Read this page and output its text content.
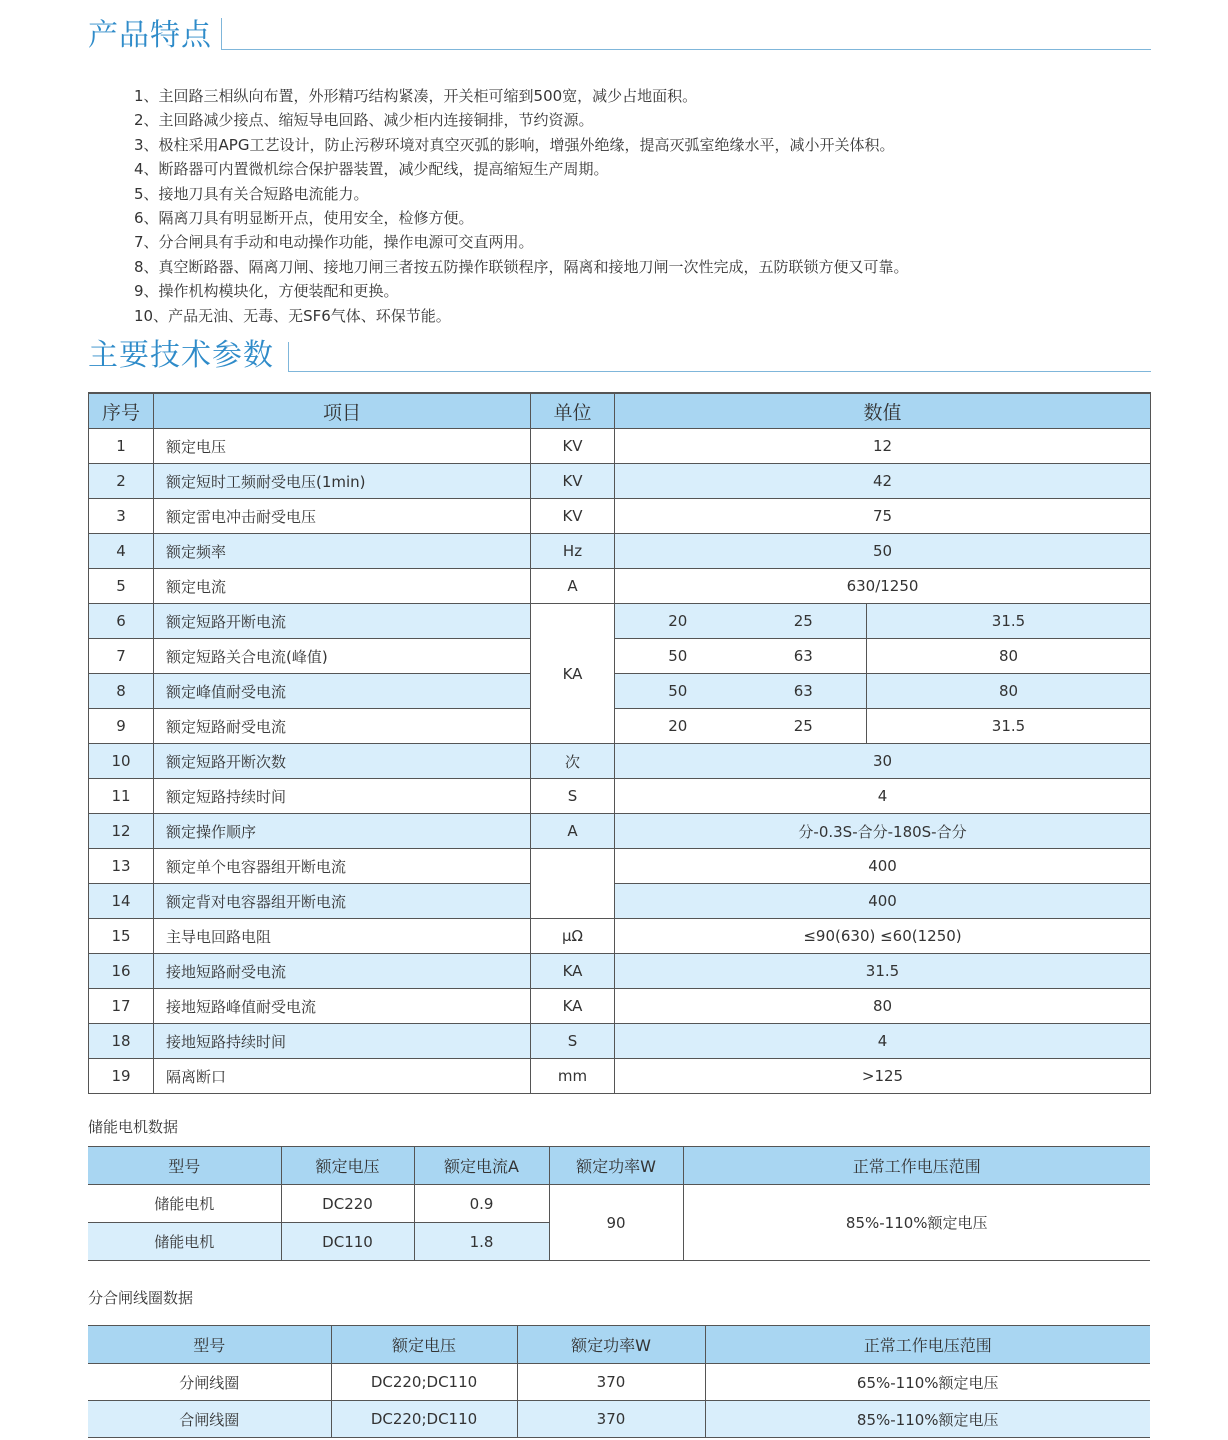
产品特点
1、主回路三相纵向布置，外形精巧结构紧凑，开关柜可缩到500宽，减少占地面积。
2、主回路减少接点、缩短导电回路、减少柜内连接铜排，节约资源。
3、极柱采用APG工艺设计，防止污秽环境对真空灭弧的影响，增强外绝缘，提高灭弧室绝缘水平，减小开关体积。
4、断路器可内置微机综合保护器装置，减少配线，提高缩短生产周期。
5、接地刀具有关合短路电流能力。
6、隔离刀具有明显断开点，使用安全，检修方便。
7、分合闸具有手动和电动操作功能，操作电源可交直两用。
8、真空断路器、隔离刀闸、接地刀闸三者按五防操作联锁程序，隔离和接地刀闸一次性完成，五防联锁方便又可靠。
9、操作机构模块化，方便装配和更换。
10、产品无油、无毒、无SF6气体、环保节能。
主要技术参数
序号	项目	单位	数值		
1	额定电压	KV	12		
2	额定短时工频耐受电压(1min)	KV	42		
3	额定雷电冲击耐受电压	KV	75		
4	额定频率	Hz	50		
5	额定电流	A	630/1250		
6	额定短路开断电流	KA	20	25	31.5
7	额定短路关合电流(峰值)		50	63	80
8	额定峰值耐受电流		50	63	80
9	额定短路耐受电流		20	25	31.5
10	额定短路开断次数	次	30		
11	额定短路持续时间	S	4		
12	额定操作顺序	A	分-0.3S-合分-180S-合分		
13	额定单个电容器组开断电流		400		
14	额定背对电容器组开断电流		400		
15	主导电回路电阻	μΩ	≤90(630) ≤60(1250)		
16	接地短路耐受电流	KA	31.5		
17	接地短路峰值耐受电流	KA	80		
18	接地短路持续时间	S	4		
19	隔离断口	mm	>125		
储能电机数据
型号	额定电压	额定电流A	额定功率W	正常工作电压范围
储能电机	DC220	0.9	90	85%-110%额定电压
储能电机	DC110	1.8		
分合闸线圈数据
型号	额定电压	额定功率W	正常工作电压范围
分闸线圈	DC220;DC110	370	65%-110%额定电压
合闸线圈	DC220;DC110	370	85%-110%额定电压
